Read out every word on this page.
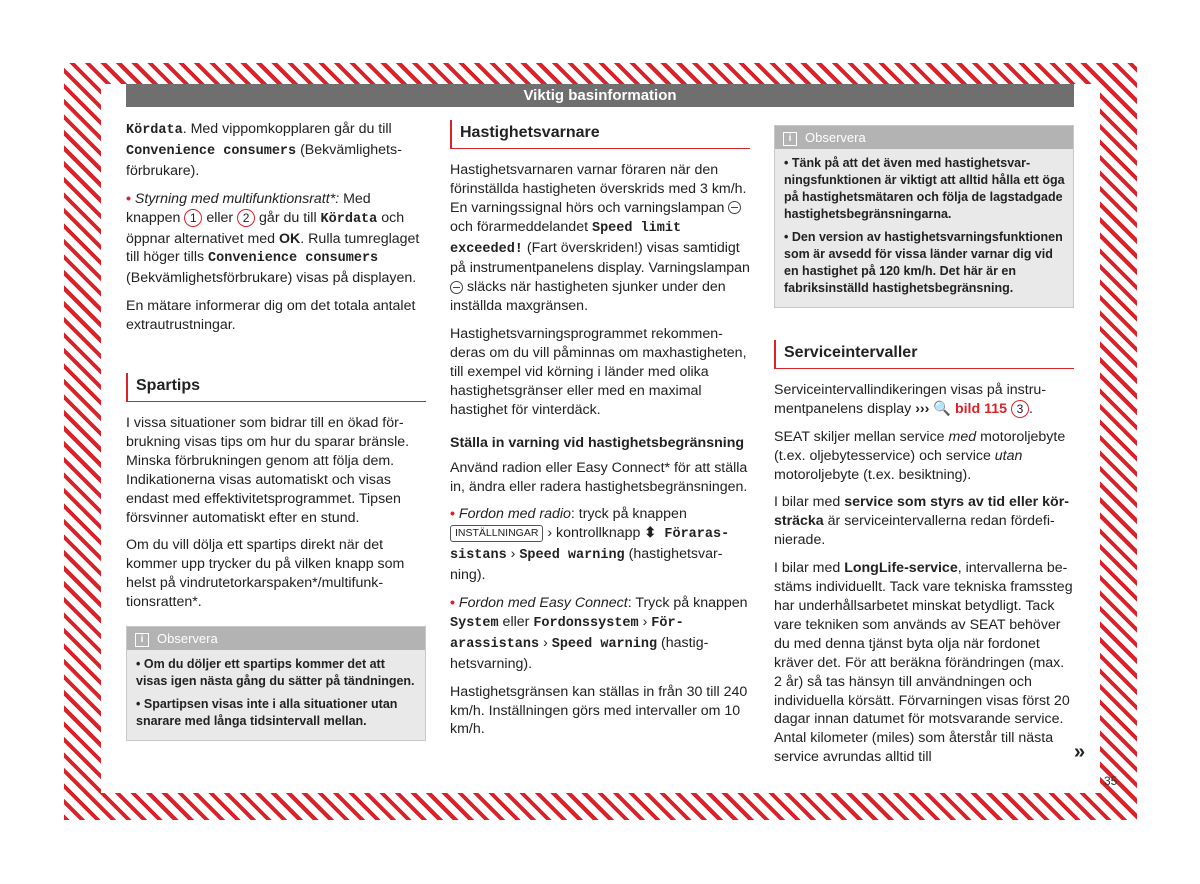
Viktig basinformation

Kördata. Med vippomkopplaren går du till Convenience consumers (Bekvämlighetsförbrukare).

• Styrning med multifunktionsratt*: Med knappen 1 eller 2 går du till Kördata och öppnar alternativet med OK. Rulla tumreglaget till höger tills Convenience consumers (Bekvämlighetsförbrukare) visas på displayen.

En mätare informerar dig om det totala antalet extrautrustningar.

Spartips

I vissa situationer som bidrar till en ökad förbrukning visas tips om hur du sparar bränsle. Minska förbrukningen genom att följa dem. Indikationerna visas automatiskt och visas endast med effektivitetsprogrammet. Tipsen försvinner automatiskt efter en stund.

Om du vill dölja ett spartips direkt när det kommer upp trycker du på vilken knapp som helst på vindrutetorkarspaken*/multifunktionsratten*.

i Observera

• Om du döljer ett spartips kommer det att visas igen nästa gång du sätter på tändningen.

• Spartipsen visas inte i alla situationer utan snarare med långa tidsintervall mellan.

Hastighetsvarnare

Hastighetsvarnaren varnar föraren när den förinställda hastigheten överskrids med 3 km/h. En varningssignal hörs och varningslampan  och förarmeddelandet Speed limit exceeded! (Fart överskriden!) visas samtidigt på instrumentpanelens display. Varningslampan  släcks när hastigheten sjunker under den inställda maxgränsen.

Hastighetsvarningsprogrammet rekommenderas om du vill påminnas om maxhastigheten, till exempel vid körning i länder med olika hastighetsgränser eller med en maximal hastighet för vinterdäck.

Ställa in varning vid hastighetsbegränsning

Använd radion eller Easy Connect* för att ställa in, ändra eller radera hastighetsbegränsningen.

• Fordon med radio: tryck på knappen INSTÄLLNINGAR › kontrollknapp ⬍ Förarassistans › Speed warning (hastighetsvarning).

• Fordon med Easy Connect: Tryck på knappen System eller Fordonssystem › Förarassistans › Speed warning (hastighetsvarning).

Hastighetsgränsen kan ställas in från 30 till 240 km/h. Inställningen görs med intervaller om 10 km/h.

i Observera

• Tänk på att det även med hastighetsvarningsfunktionen är viktigt att alltid hålla ett öga på hastighetsmätaren och följa de lagstadgade hastighetsbegränsningarna.

• Den version av hastighetsvarningsfunktionen som är avsedd för vissa länder varnar dig vid en hastighet på 120 km/h. Det här är en fabriksinställd hastighetsbegränsning.

Serviceintervaller

Serviceintervallindikeringen visas på instrumentpanelens display ››› 🔍 bild 115 3 .

SEAT skiljer mellan service med motoroljebyte (t.ex. oljebytesservice) och service utan motoroljebyte (t.ex. besiktning).

I bilar med service som styrs av tid eller körsträcka är serviceintervallerna redan fördefinierade.

I bilar med LongLife-service, intervallerna bestäms individuellt. Tack vare tekniska framssteg har underhållsarbetet minskat betydligt. Tack vare tekniken som används av SEAT behöver du med denna tjänst byta olja när fordonet kräver det. För att beräkna förändringen (max. 2 år) så tas hänsyn till användningen och individuella körsätt. Förvarningen visas först 20 dagar innan datumet för motsvarande service. Antal kilometer (miles) som återstår till nästa service avrundas alltid till	»
35
